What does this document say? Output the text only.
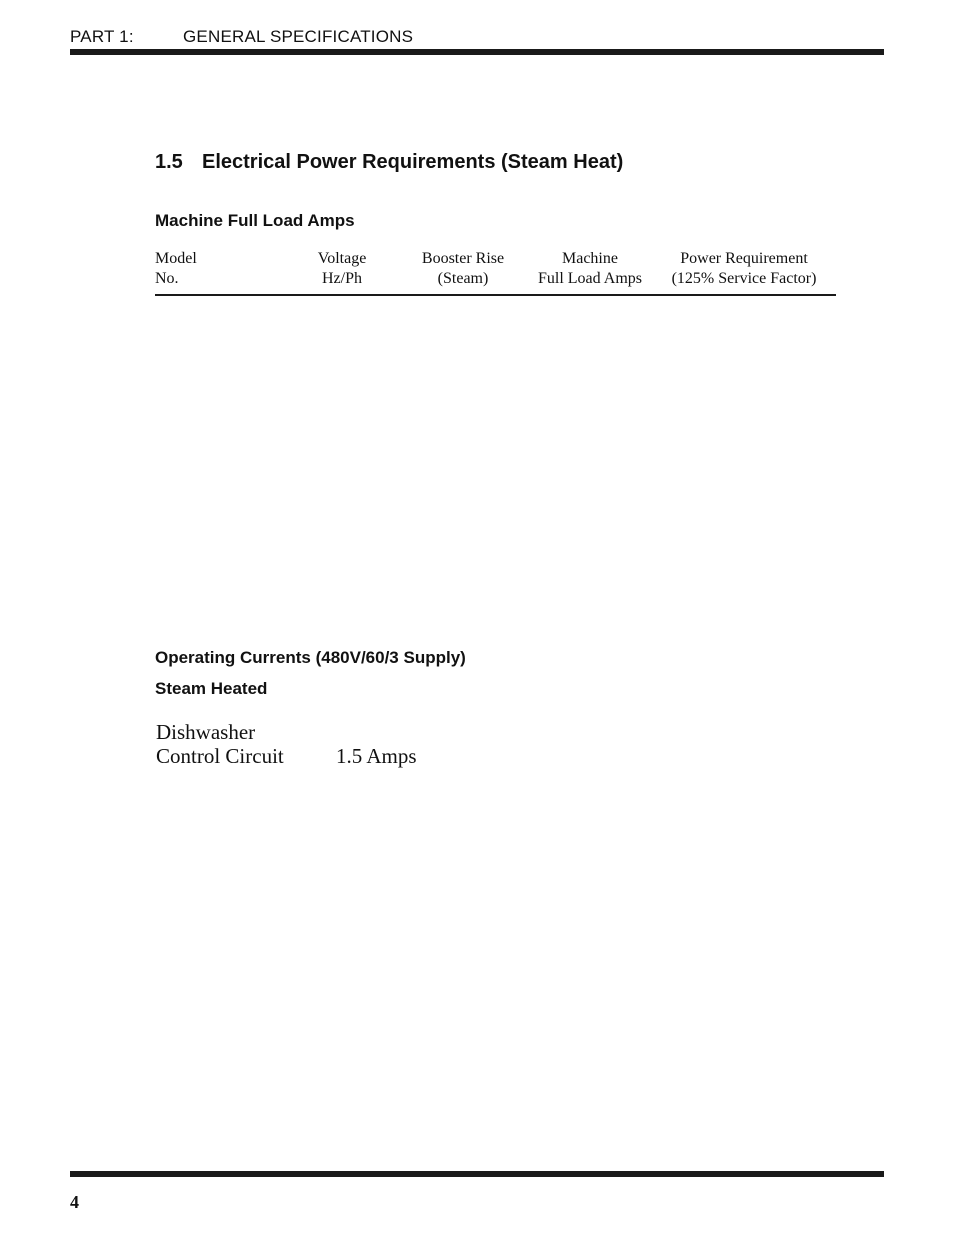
PART 1:	GENERAL SPECIFICATIONS
1.5 Electrical Power Requirements (Steam Heat)
Machine Full Load Amps
Model
No.
Voltage
Hz/Ph
Booster Rise
(Steam)
Machine
Full Load Amps
Power Requirement
(125% Service Factor)
Operating Currents (480V/60/3 Supply)
Steam Heated
Dishwasher
Control Circuit 1.5 Amps
4
